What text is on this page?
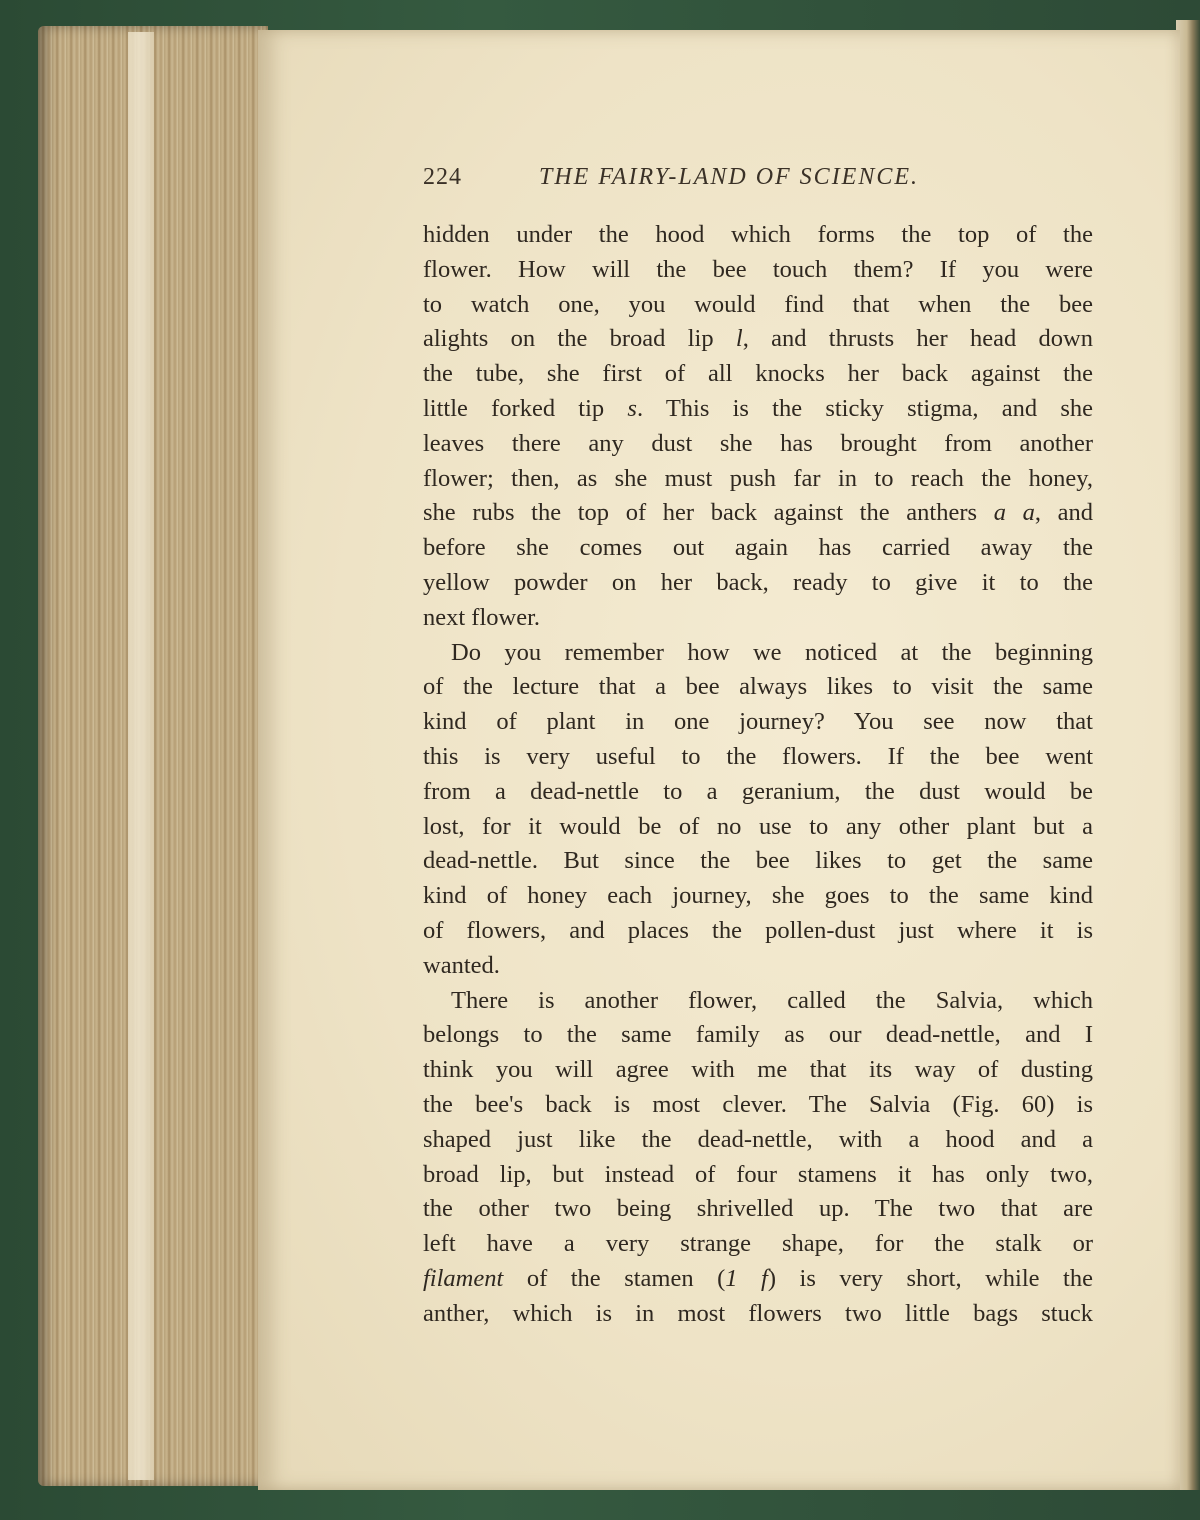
224	THE FAIRY-LAND OF SCIENCE.
hidden under the hood which forms the top of the
flower. How will the bee touch them? If you were
to watch one, you would find that when the bee
alights on the broad lip l, and thrusts her head down
the tube, she first of all knocks her back against the
little forked tip s. This is the sticky stigma, and she
leaves there any dust she has brought from another
flower; then, as she must push far in to reach the honey,
she rubs the top of her back against the anthers a a, and
before she comes out again has carried away the
yellow powder on her back, ready to give it to the
next flower.
Do you remember how we noticed at the beginning
of the lecture that a bee always likes to visit the same
kind of plant in one journey? You see now that
this is very useful to the flowers. If the bee went
from a dead-nettle to a geranium, the dust would be
lost, for it would be of no use to any other plant but a
dead-nettle. But since the bee likes to get the same
kind of honey each journey, she goes to the same kind
of flowers, and places the pollen-dust just where it is
wanted.
There is another flower, called the Salvia, which
belongs to the same family as our dead-nettle, and I
think you will agree with me that its way of dusting
the bee's back is most clever. The Salvia (Fig. 60) is
shaped just like the dead-nettle, with a hood and a
broad lip, but instead of four stamens it has only two,
the other two being shrivelled up. The two that are
left have a very strange shape, for the stalk or
filament of the stamen (1 f) is very short, while the
anther, which is in most flowers two little bags stuck
